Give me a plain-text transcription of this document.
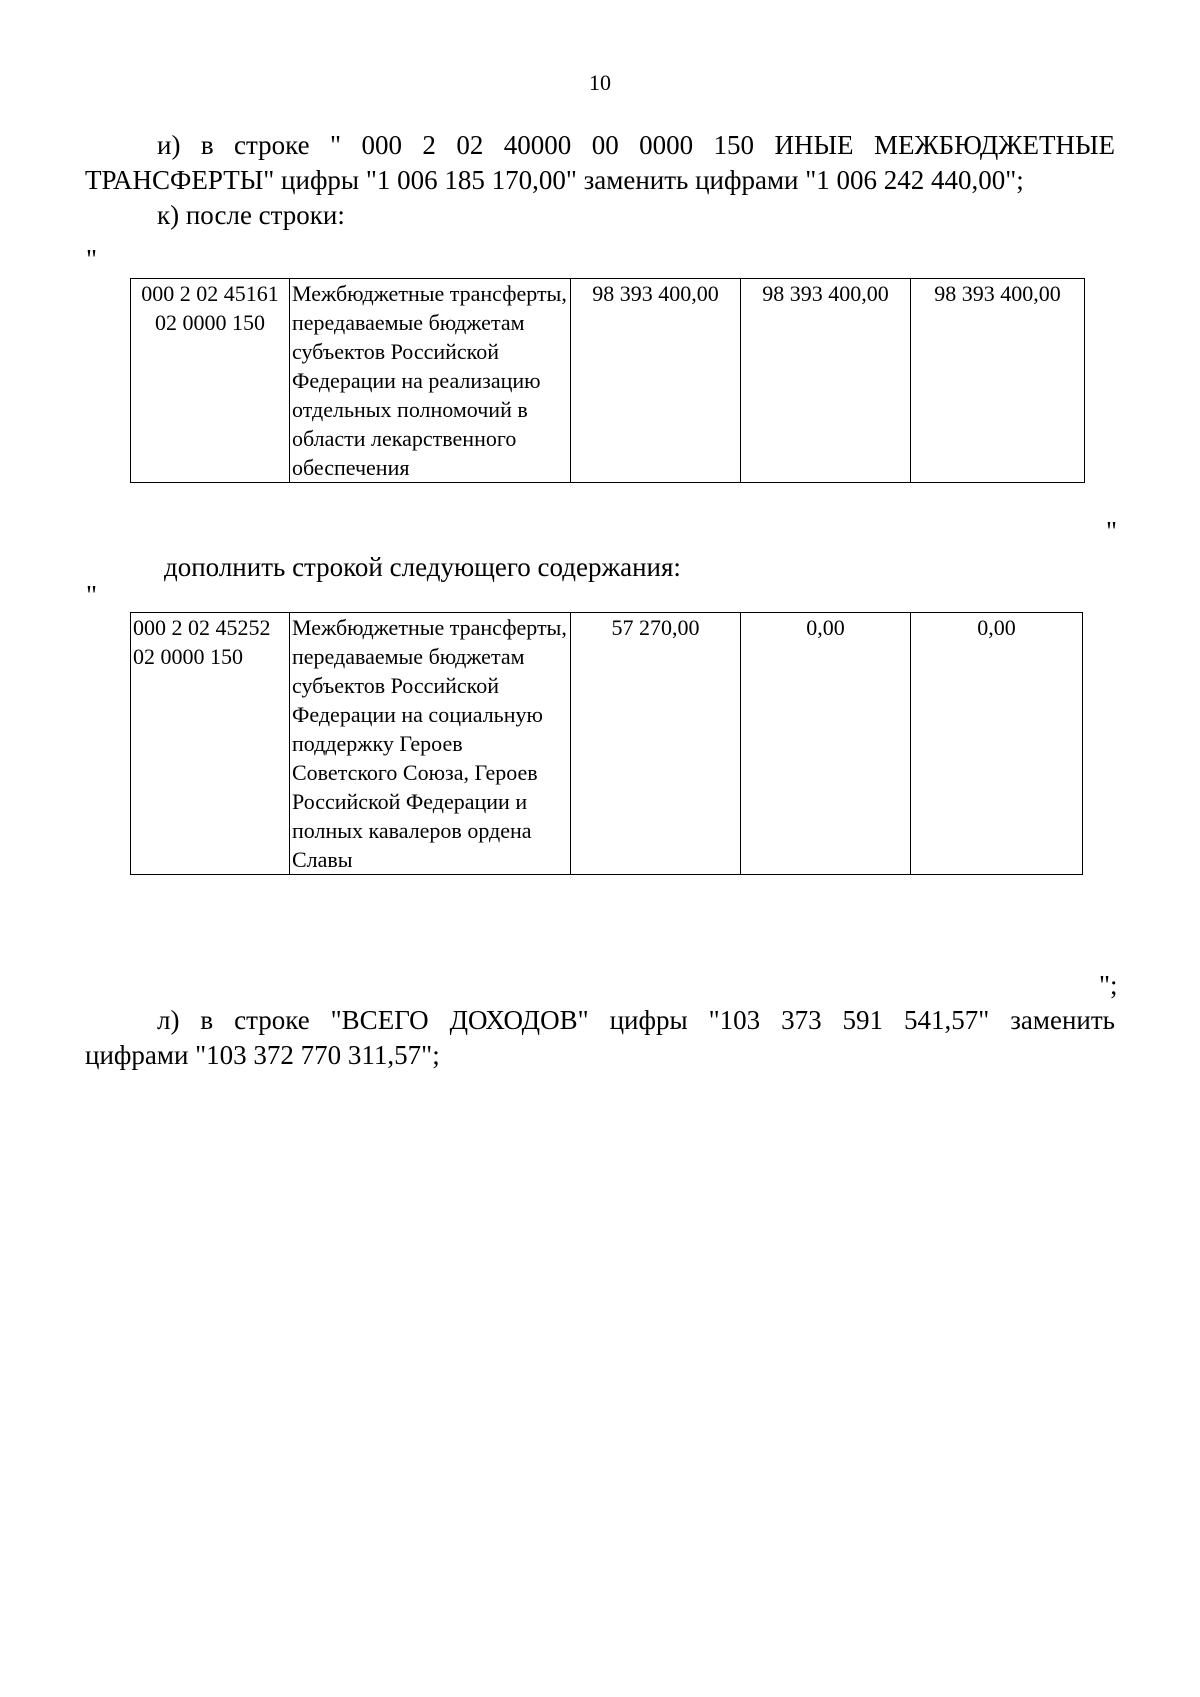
10
и) в строке " 000 2 02 40000 00 0000 150 ИНЫЕ МЕЖБЮДЖЕТНЫЕ
ТРАНСФЕРТЫ" цифры "1 006 185 170,00" заменить цифрами "1 006 242 440,00";
к) после строки:
"
000 2 02 45161 02 0000 150	Межбюджетные трансферты, передаваемые бюджетам субъектов Российской Федерации на реализацию отдельных полномочий в области лекарственного обеспечения	98 393 400,00	98 393 400,00	98 393 400,00
"
дополнить строкой следующего содержания:
"
000 2 02 45252 02 0000 150	Межбюджетные трансферты, передаваемые бюджетам субъектов Российской Федерации на социальную поддержку Героев Советского Союза, Героев Российской Федерации и полных кавалеров ордена Славы	57 270,00	0,00	0,00
";
л) в строке "ВСЕГО ДОХОДОВ" цифры "103 373 591 541,57" заменить
цифрами "103 372 770 311,57";
